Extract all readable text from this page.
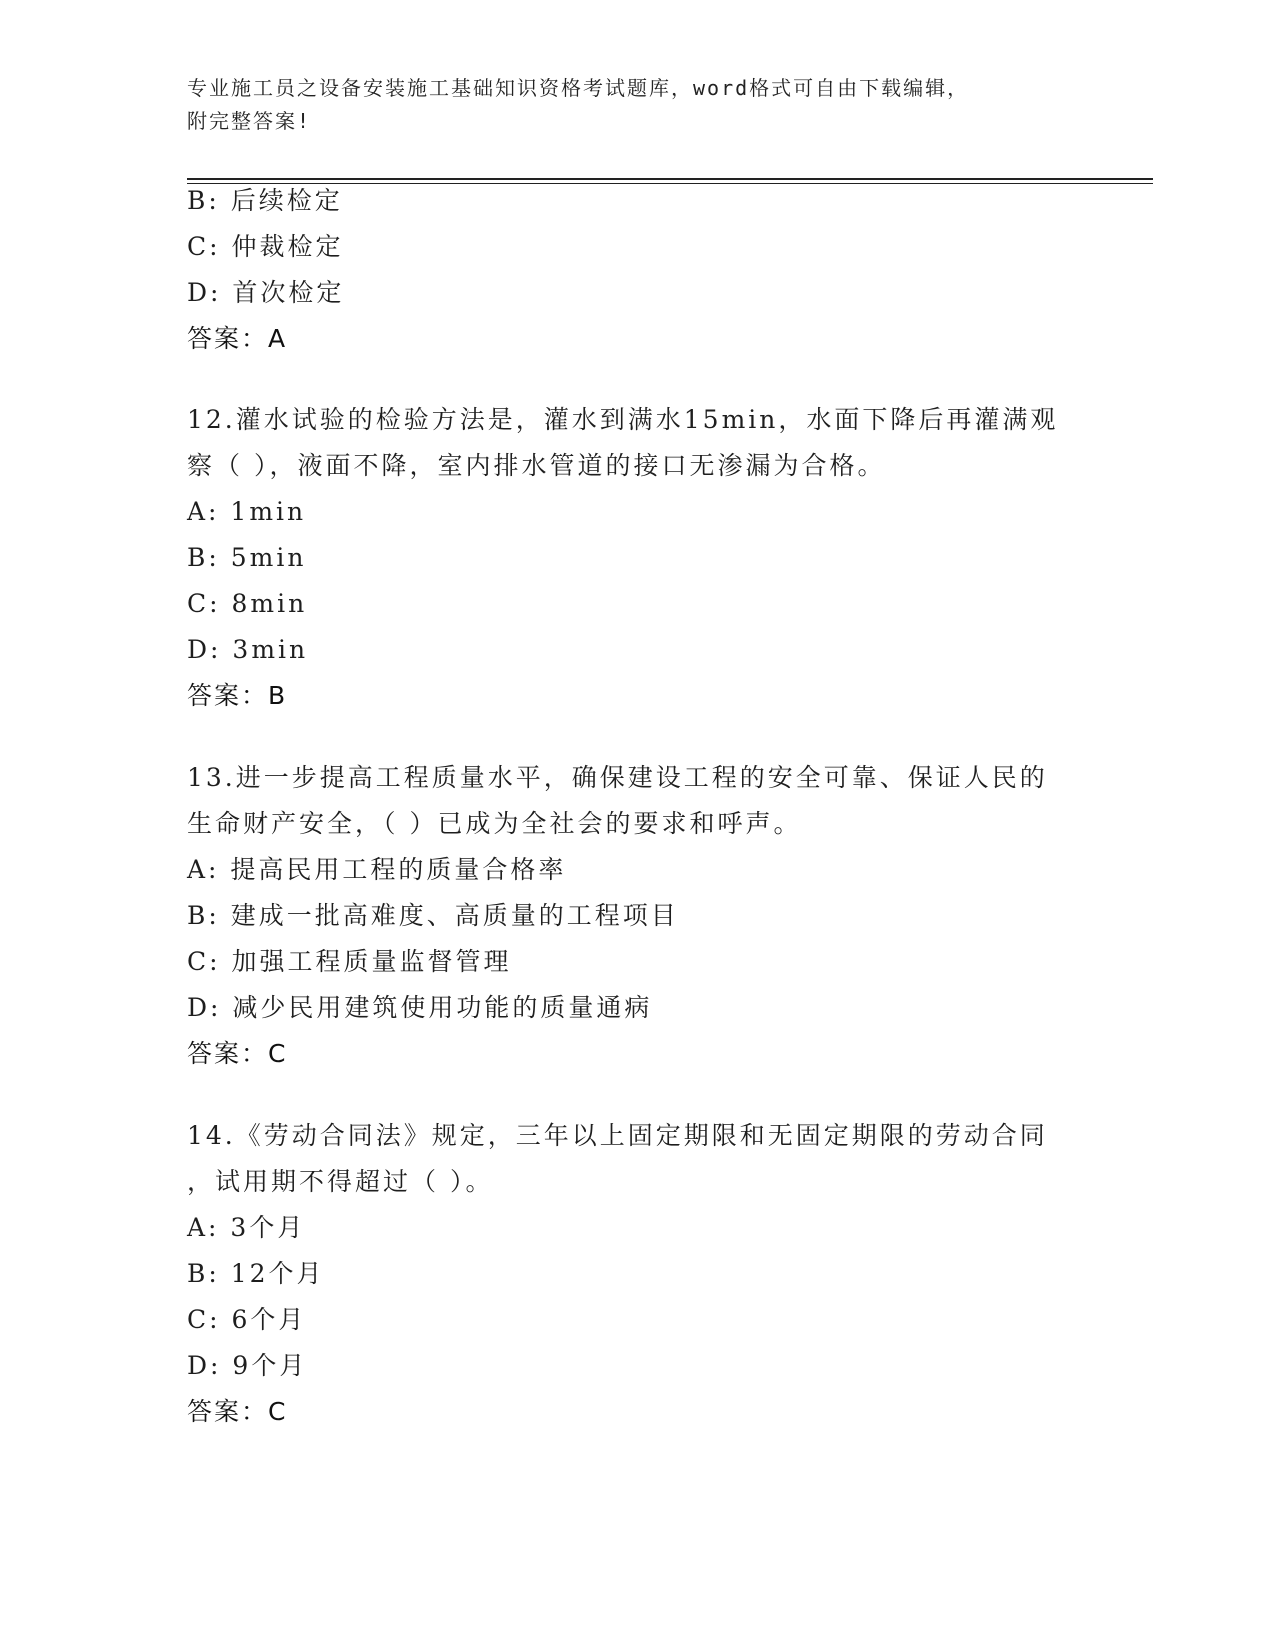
专业施工员之设备安装施工基础知识资格考试题库，word格式可自由下载编辑，
附完整答案!
B: 后续检定
C: 仲裁检定
D: 首次检定
答案：A
12.灌水试验的检验方法是，灌水到满水15min，水面下降后再灌满观
察（ ），液面不降，室内排水管道的接口无渗漏为合格。
A: 1min
B: 5min
C: 8min
D: 3min
答案：B
13.进一步提高工程质量水平，确保建设工程的安全可靠、保证人民的
生命财产安全，（ ）已成为全社会的要求和呼声。
A: 提高民用工程的质量合格率
B: 建成一批高难度、高质量的工程项目
C: 加强工程质量监督管理
D: 减少民用建筑使用功能的质量通病
答案：C
14.《劳动合同法》规定，三年以上固定期限和无固定期限的劳动合同
，试用期不得超过（ ）。
A: 3个月
B: 12个月
C: 6个月
D: 9个月
答案：C
